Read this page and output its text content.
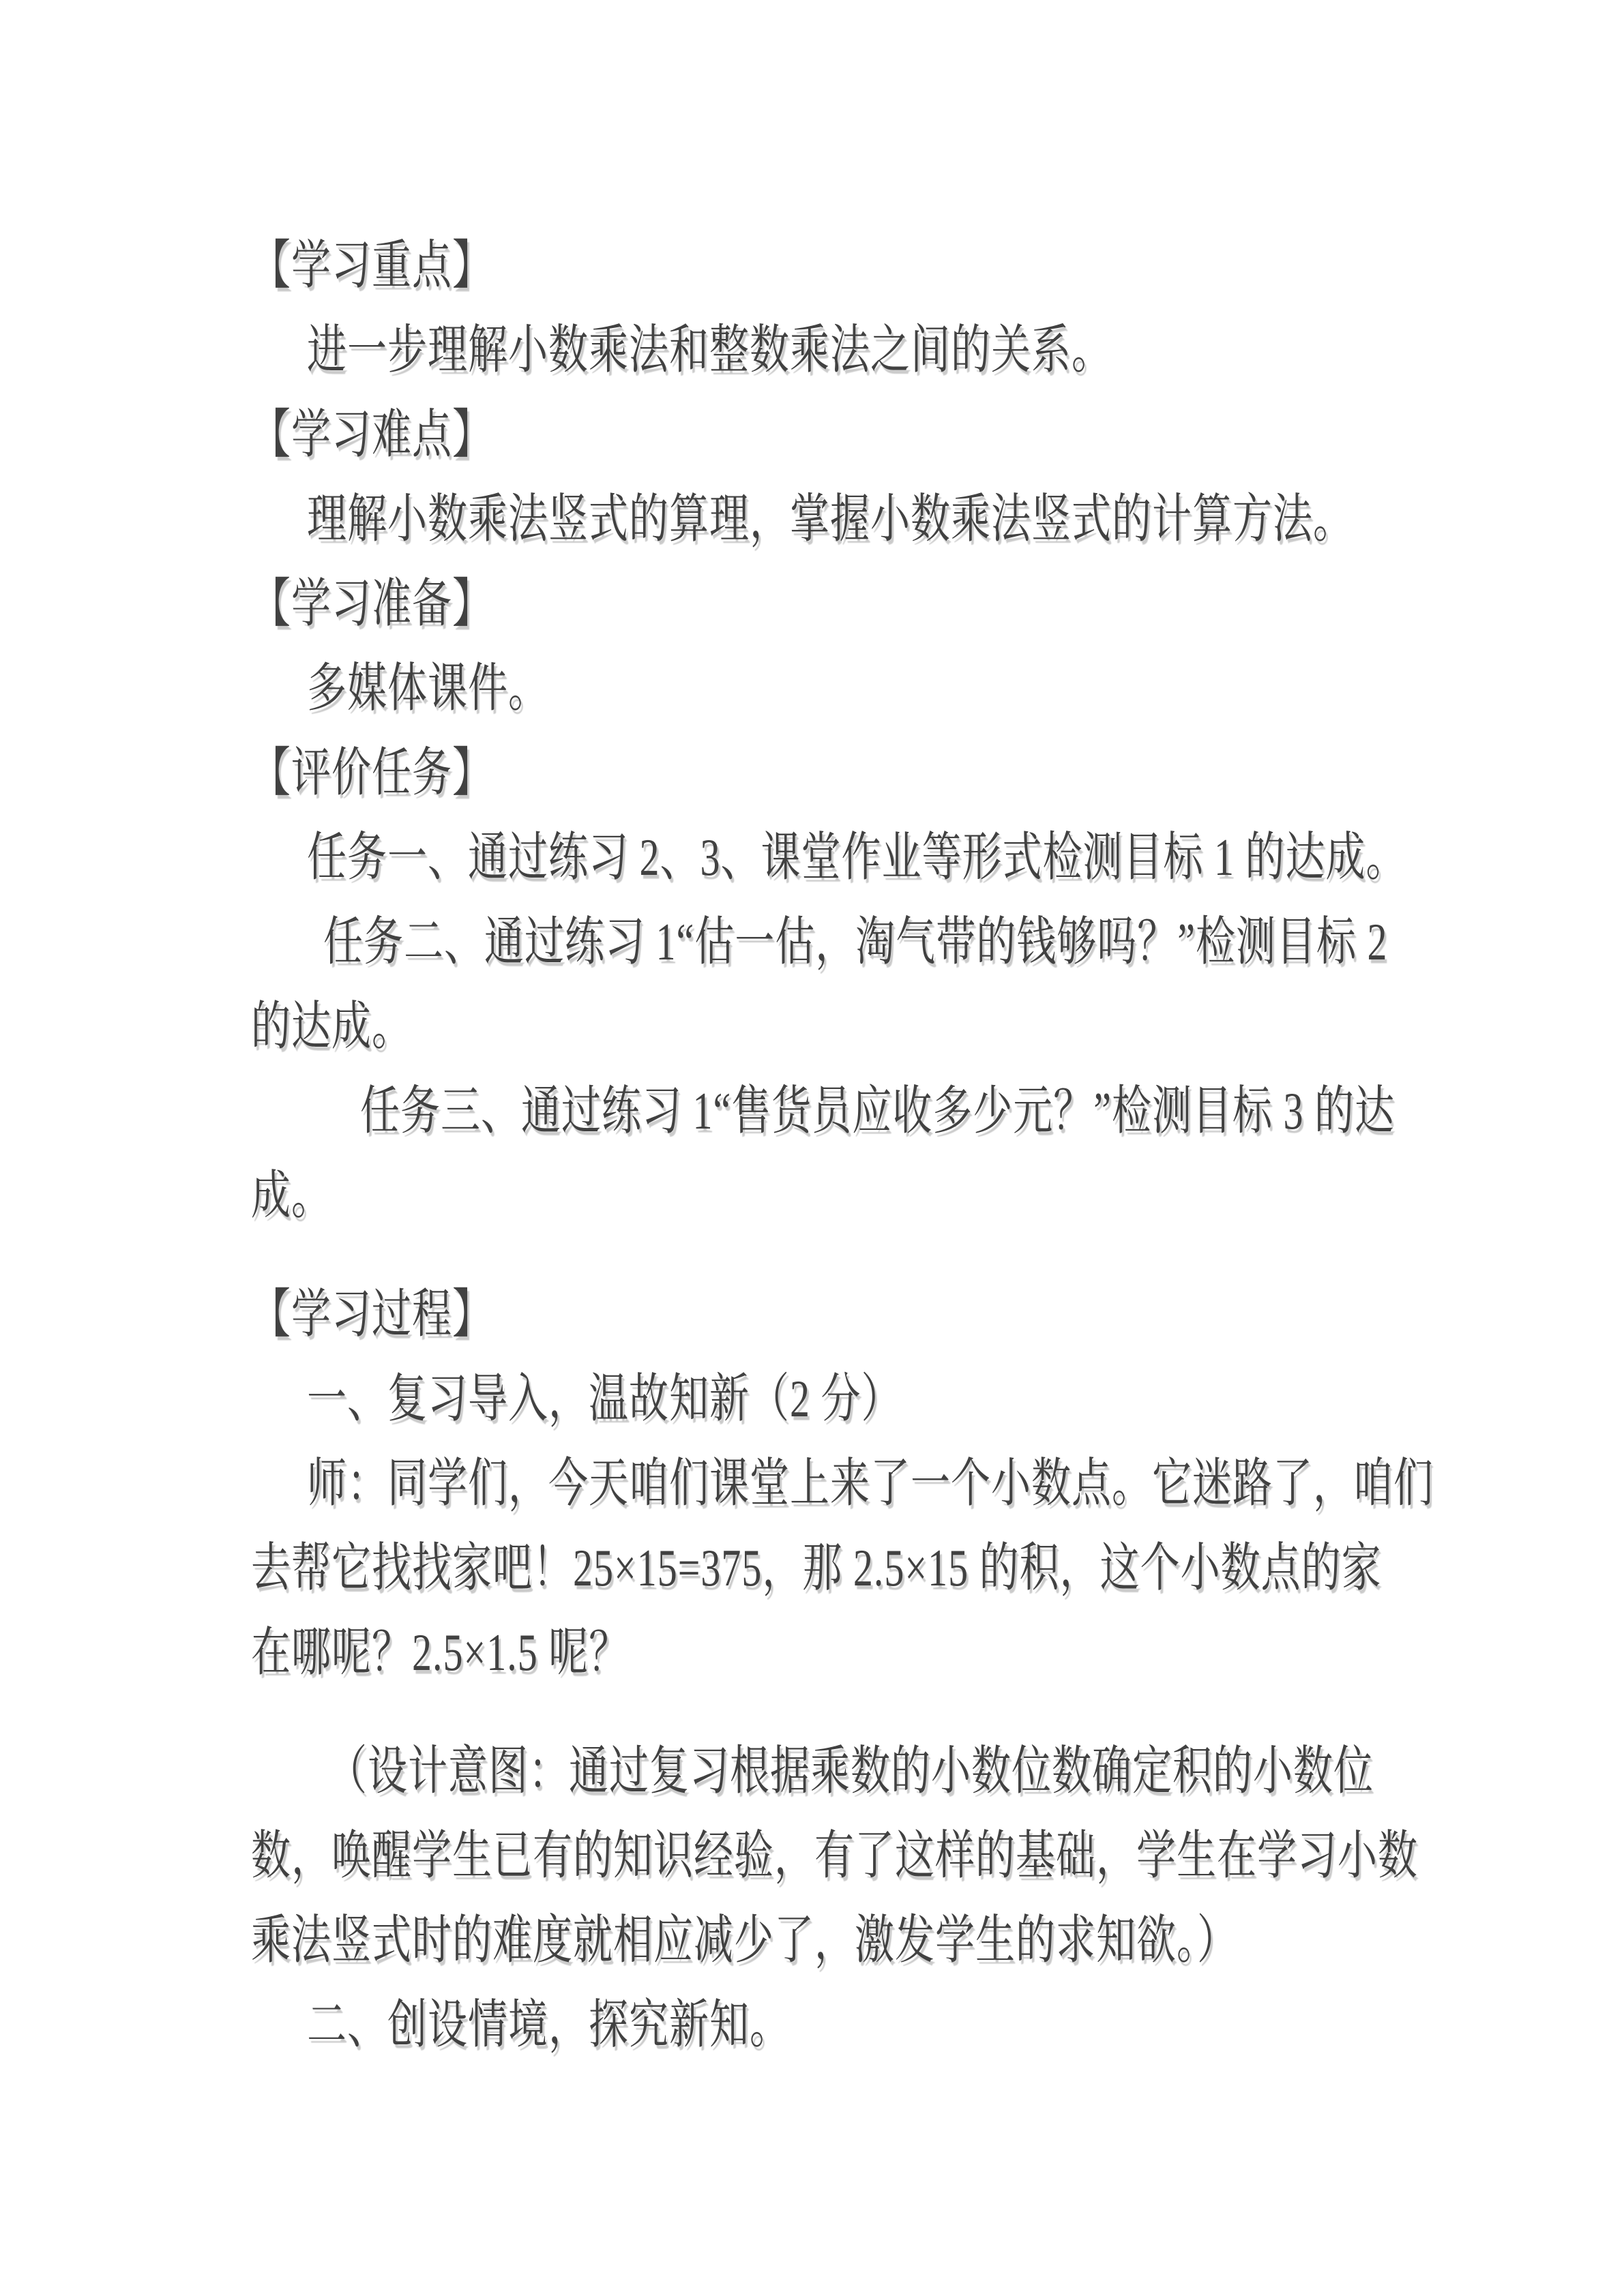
【学习重点】
进一步理解小数乘法和整数乘法之间的关系。
【学习难点】
理解小数乘法竖式的算理，掌握小数乘法竖式的计算方法。
【学习准备】
多媒体课件。
【评价任务】
任务一、通过练习 2、3、课堂作业等形式检测目标 1 的达成。
任务二、通过练习 1“估一估，淘气带的钱够吗？”检测目标 2
的达成。
任务三、通过练习 1“售货员应收多少元？”检测目标 3 的达
成。
【学习过程】
一、复习导入，温故知新（2 分）
师：同学们，今天咱们课堂上来了一个小数点。它迷路了，咱们
去帮它找找家吧！25×15=375，那 2.5×15 的积，这个小数点的家
在哪呢？2.5×1.5 呢？
（设计意图：通过复习根据乘数的小数位数确定积的小数位
数，唤醒学生已有的知识经验，有了这样的基础，学生在学习小数
乘法竖式时的难度就相应减少了，激发学生的求知欲。）
二、创设情境，探究新知。
